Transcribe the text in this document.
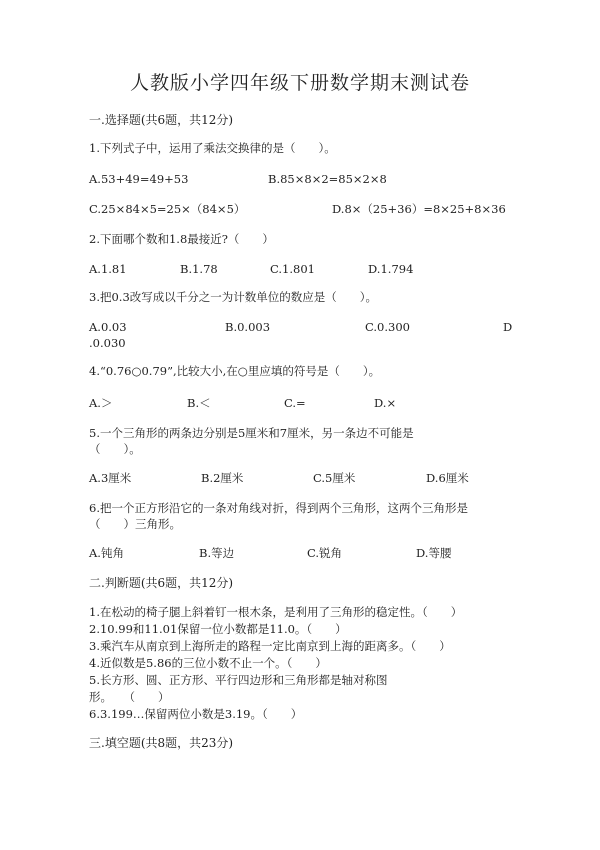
人教版小学四年级下册数学期末测试卷
一.选择题(共6题，共12分)
1.下列式子中，运用了乘法交换律的是（　　）。
A.53+49=49+53	B.85×8×2=85×2×8
C.25×84×5=25×（84×5）	D.8×（25+36）=8×25+8×36
2.下面哪个数和1.8最接近?（　　）
A.1.81	B.1.78	C.1.801	D.1.794
3.把0.3改写成以千分之一为计数单位的数应是（　　）。
A.0.03	B.0.003	C.0.300	D
.0.030
4.“0.76○0.79”,比较大小,在○里应填的符号是（　　）。
A.＞	B.＜	C.=	D.×
5.一个三角形的两条边分别是5厘米和7厘米，另一条边不可能是
（　　）。
A.3厘米	B.2厘米	C.5厘米	D.6厘米
6.把一个正方形沿它的一条对角线对折，得到两个三角形，这两个三角形是
（　　）三角形。
A.钝角	B.等边	C.锐角	D.等腰
二.判断题(共6题，共12分)
1.在松动的椅子腿上斜着钉一根木条，是利用了三角形的稳定性。（　　）
2.10.99和11.01保留一位小数都是11.0。（　　）
3.乘汽车从南京到上海所走的路程一定比南京到上海的距离多。（　　）
4.近似数是5.86的三位小数不止一个。（　　）
5.长方形、圆、正方形、平行四边形和三角形都是轴对称图
形。　　（　　）
6.3.199…保留两位小数是3.19。（　　）
三.填空题(共8题，共23分)
